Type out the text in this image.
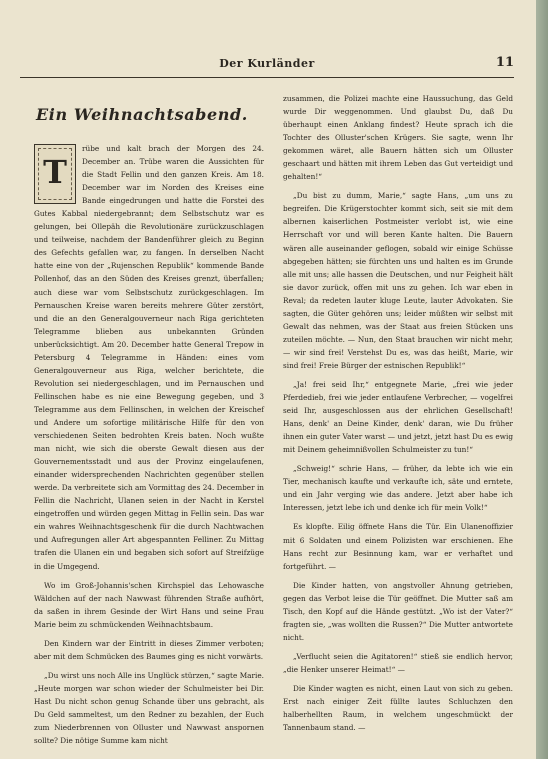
Der Kurländer	11
Ein Weihnachtsabend.
T

rübe und kalt brach der Morgen des 24. December an. Trübe waren die Aussichten für die Stadt Fellin und den ganzen Kreis. Am 18. December war im Norden des Kreises eine Bande eingedrungen und hatte die Forstei des Gutes Kabbal niedergebrannt; dem Selbstschutz war es gelungen, bei Ollepäh die Revolutionäre zurückzuschlagen und teilweise, nachdem der Bandenführer gleich zu Beginn des Gefechts gefallen war, zu fangen. In derselben Nacht hatte eine von der „Rujenschen Republik“ kommende Bande Pollenhof, das an den Süden des Kreises grenzt, überfallen; auch diese war vom Selbstschutz zurückgeschlagen. Im Pernauschen Kreise waren bereits mehrere Güter zerstört, und die an den Generalgouverneur nach Riga gerichteten Telegramme blieben aus unbekannten Gründen unberücksichtigt. Am 20. December hatte General Trepow in Petersburg 4 Telegramme in Händen: eines vom Generalgouverneur aus Riga, welcher berichtete, die Revolution sei niedergeschlagen, und im Pernauschen und Fellinschen habe es nie eine Bewegung gegeben, und 3 Telegramme aus dem Fellinschen, in welchen der Kreischef und Andere um sofortige militärische Hilfe für den von verschiedenen Seiten bedrohten Kreis baten. Noch wußte man nicht, wie sich die oberste Gewalt diesen aus der Gouvernementsstadt und aus der Provinz eingelaufenen, einander widersprechenden Nachrichten gegenüber stellen werde. Da verbreitete sich am Vormittag des 24. December in Fellin die Nachricht, Ulanen seien in der Nacht in Kerstel eingetroffen und würden gegen Mittag in Fellin sein. Das war ein wahres Weihnachtsgeschenk für die durch Nachtwachen und Aufregungen aller Art abgespannten Felliner. Zu Mittag trafen die Ulanen ein und begaben sich sofort auf Streifzüge in die Umgegend.

Wo im Groß-Johannis'schen Kirchspiel das Lehowasche Wäldchen auf der nach Nawwast führenden Straße aufhört, da saßen in ihrem Gesinde der Wirt Hans und seine Frau Marie beim zu schmückenden Weihnachtsbaum.

Den Kindern war der Eintritt in dieses Zimmer verboten; aber mit dem Schmücken des Baumes ging es nicht vorwärts.

„Du wirst uns noch Alle ins Unglück stürzen,“ sagte Marie. „Heute morgen war schon wieder der Schulmeister bei Dir. Hast Du nicht schon genug Schande über uns gebracht, als Du Geld sammeltest, um den Redner zu bezahlen, der Euch zum Niederbrennen von Olluster und Nawwast anspornen sollte? Die nötige Summe kam nicht

zusammen, die Polizei machte eine Haussuchung, das Geld wurde Dir weggenommen. Und glaubst Du, daß Du überhaupt einen Anklang findest? Heute sprach ich die Tochter des Olluster'schen Krügers. Sie sagte, wenn Ihr gekommen wäret, alle Bauern hätten sich um Olluster geschaart und hätten mit ihrem Leben das Gut verteidigt und gehalten!“

„Du bist zu dumm, Marie,“ sagte Hans, „um uns zu begreifen. Die Krügerstochter kommt sich, seit sie mit dem albernen kaiserlichen Postmeister verlobt ist, wie eine Herrschaft vor und will beren Kante halten. Die Bauern wären alle auseinander geflogen, sobald wir einige Schüsse abgegeben hätten; sie fürchten uns und halten es im Grunde alle mit uns; alle hassen die Deutschen, und nur Feigheit hält sie davor zurück, offen mit uns zu gehen. Ich war eben in Reval; da redeten lauter kluge Leute, lauter Advokaten. Sie sagten, die Güter gehören uns; leider müßten wir selbst mit Gewalt das nehmen, was der Staat aus freien Stücken uns zuteilen möchte. — Nun, den Staat brauchen wir nicht mehr, — wir sind frei! Verstehst Du es, was das heißt, Marie, wir sind frei! Freie Bürger der estnischen Republik!“

„Ja! frei seid Ihr,“ entgegnete Marie, „frei wie jeder Pferdedieb, frei wie jeder entlaufene Verbrecher, — vogelfrei seid Ihr, ausgeschlossen aus der ehrlichen Gesellschaft! Hans, denk' an Deine Kinder, denk' daran, wie Du früher ihnen ein guter Vater warst — und jetzt, jetzt hast Du es ewig mit Deinem geheimnißvollen Schulmeister zu tun!“

„Schweig!“ schrie Hans, — früher, da lebte ich wie ein Tier, mechanisch kaufte und verkaufte ich, säte und erntete, und ein Jahr verging wie das andere. Jetzt aber habe ich Interessen, jetzt lebe ich und denke ich für mein Volk!“

Es klopfte. Eilig öffnete Hans die Tür. Ein Ulanenoffizier mit 6 Soldaten und einem Polizisten war erschienen. Ehe Hans recht zur Besinnung kam, war er verhaftet und fortgeführt. —

Die Kinder hatten, von angstvoller Ahnung getrieben, gegen das Verbot leise die Tür geöffnet. Die Mutter saß am Tisch, den Kopf auf die Hände gestützt. „Wo ist der Vater?“ fragten sie, „was wollten die Russen?“ Die Mutter antwortete nicht.

„Verflucht seien die Agitatoren!“ stieß sie endlich hervor, „die Henker unserer Heimat!“ —

Die Kinder wagten es nicht, einen Laut von sich zu geben. Erst nach einiger Zeit füllte lautes Schluchzen den halberhellten Raum, in welchem ungeschmückt der Tannenbaum stand. —
